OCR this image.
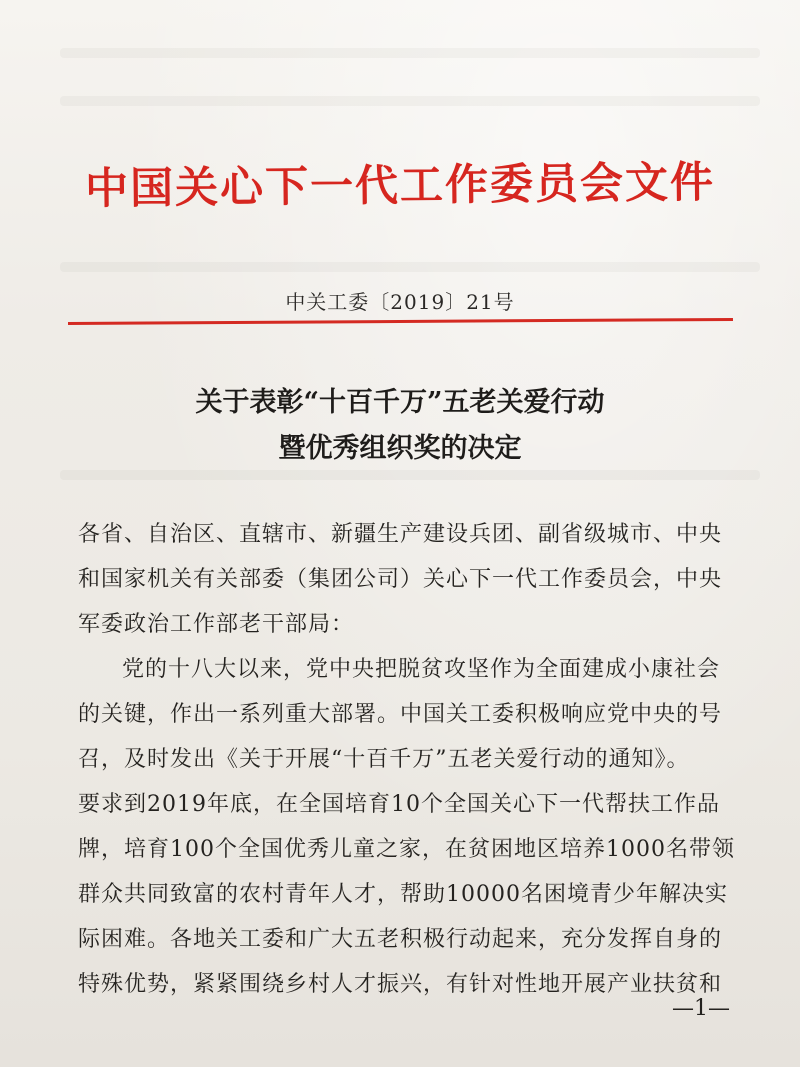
中国关心下一代工作委员会文件
中关工委〔2019〕21号
关于表彰“十百千万”五老关爱行动
暨优秀组织奖的决定
各省、自治区、直辖市、新疆生产建设兵团、副省级城市、中央
和国家机关有关部委（集团公司）关心下一代工作委员会，中央
军委政治工作部老干部局：
党的十八大以来，党中央把脱贫攻坚作为全面建成小康社会
的关键，作出一系列重大部署。中国关工委积极响应党中央的号
召，及时发出《关于开展“十百千万”五老关爱行动的通知》。
要求到2019年底，在全国培育10个全国关心下一代帮扶工作品
牌，培育100个全国优秀儿童之家，在贫困地区培养1000名带领
群众共同致富的农村青年人才，帮助10000名困境青少年解决实
际困难。各地关工委和广大五老积极行动起来，充分发挥自身的
特殊优势，紧紧围绕乡村人才振兴，有针对性地开展产业扶贫和
—1—
